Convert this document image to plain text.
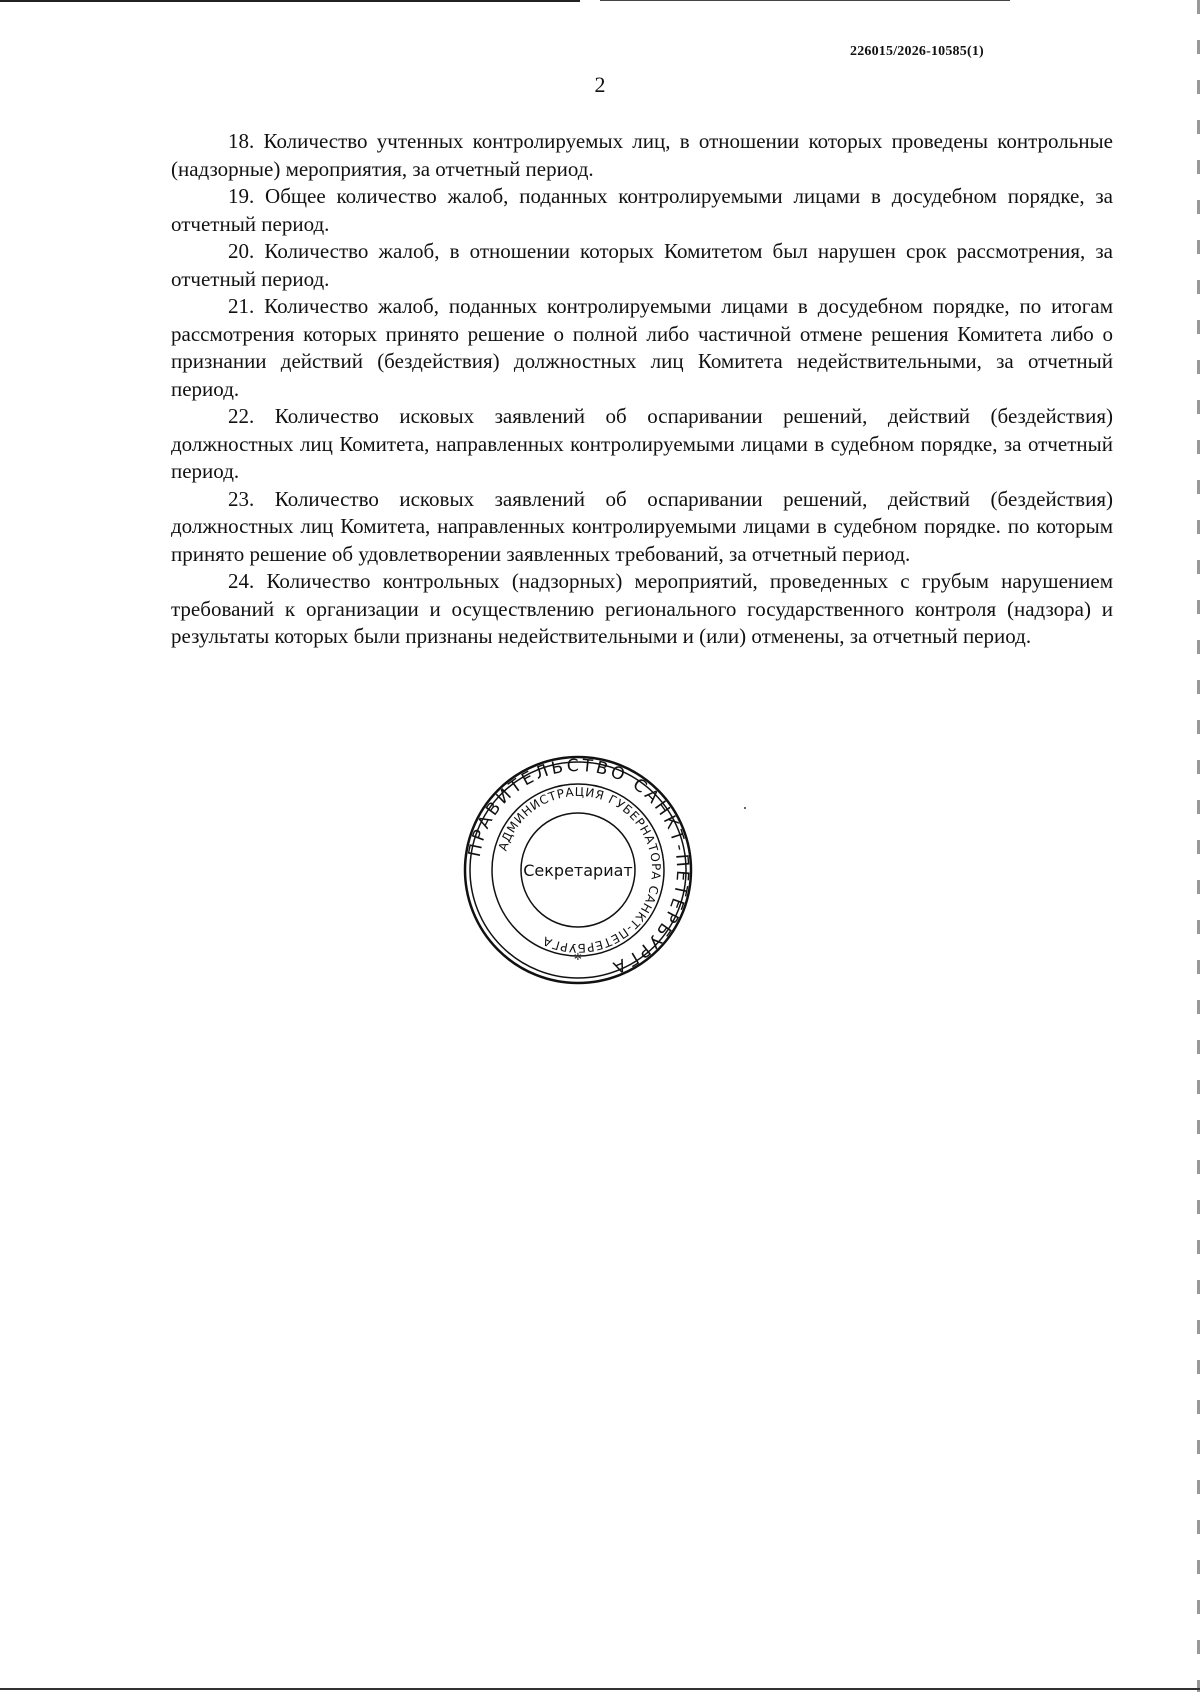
226015/2026-10585(1)
2

18. Количество учтенных контролируемых лиц, в отношении которых проведены контрольные (надзорные) мероприятия, за отчетный период.

19. Общее количество жалоб, поданных контролируемыми лицами в досудебном порядке, за отчетный период.

20. Количество жалоб, в отношении которых Комитетом был нарушен срок рассмотрения, за отчетный период.

21. Количество жалоб, поданных контролируемыми лицами в досудебном порядке, по итогам рассмотрения которых принято решение о полной либо частичной отмене решения Комитета либо о признании действий (бездействия) должностных лиц Комитета недействительными, за отчетный период.

22. Количество исковых заявлений об оспаривании решений, действий (бездействия) должностных лиц Комитета, направленных контролируемыми лицами в судебном порядке, за отчетный период.

23. Количество исковых заявлений об оспаривании решений, действий (бездействия) должностных лиц Комитета, направленных контролируемыми лицами в судебном порядке. по которым принято решение об удовлетворении заявленных требований, за отчетный период.

24. Количество контрольных (надзорных) мероприятий, проведенных с грубым нарушением требований к организации и осуществлению регионального государственного контроля (надзора) и результаты которых были признаны недействительными и (или) отменены, за отчетный период.

ПРАВИТЕЛЬСТВО САНКТ-ПЕТЕРБУРГА
АДМИНИСТРАЦИЯ ГУБЕРНАТОРА САНКТ-ПЕТЕРБУРГА
Секретариат
✲
